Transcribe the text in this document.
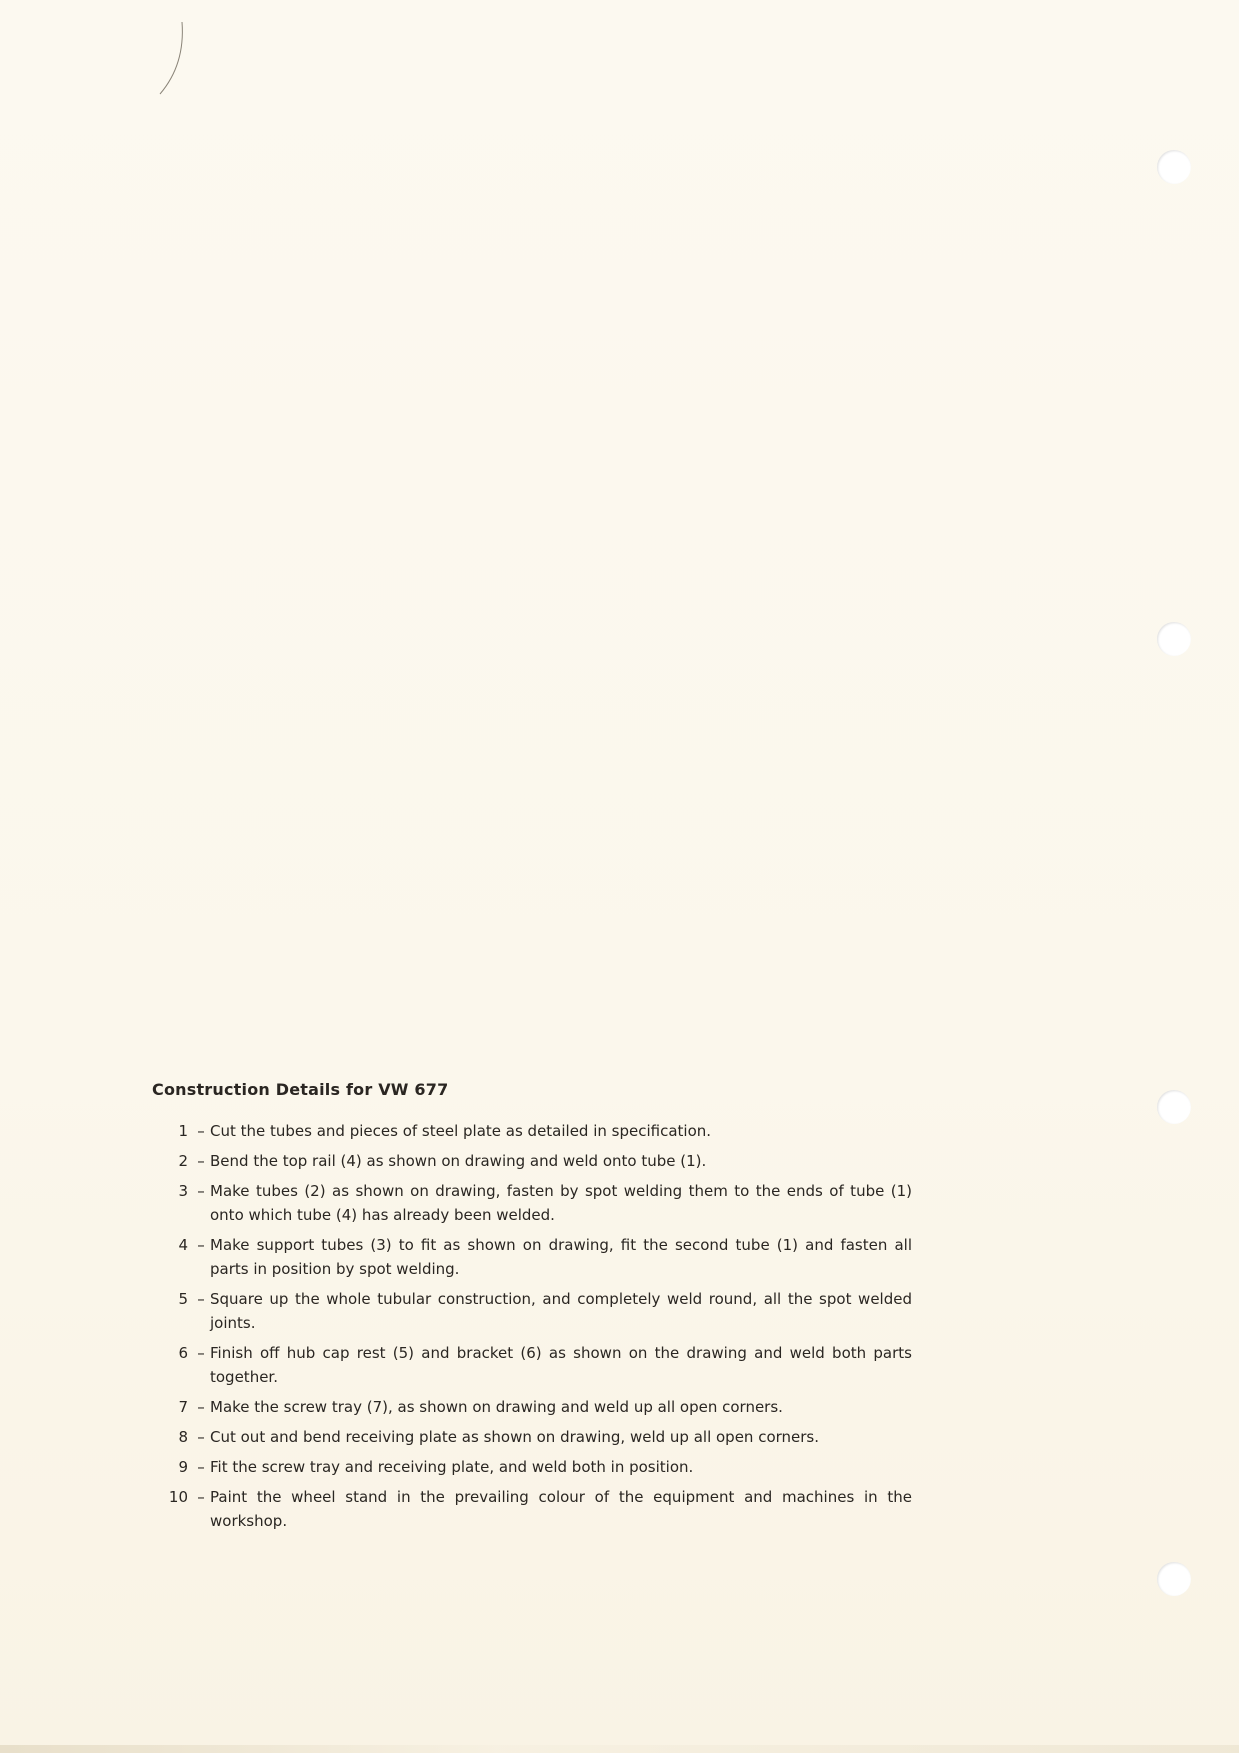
Construction Details for VW 677
1 – Cut the tubes and pieces of steel plate as detailed in specification.
2 – Bend the top rail (4) as shown on drawing and weld onto tube (1).
3 – Make tubes (2) as shown on drawing, fasten by spot welding them to the ends of tube (1) onto which tube (4) has already been welded.
4 – Make support tubes (3) to fit as shown on drawing, fit the second tube (1) and fasten all parts in position by spot welding.
5 – Square up the whole tubular construction, and completely weld round, all the spot welded joints.
6 – Finish off hub cap rest (5) and bracket (6) as shown on the drawing and weld both parts together.
7 – Make the screw tray (7), as shown on drawing and weld up all open corners.
8 – Cut out and bend receiving plate as shown on drawing, weld up all open corners.
9 – Fit the screw tray and receiving plate, and weld both in position.
10 – Paint the wheel stand in the prevailing colour of the equipment and machines in the workshop.
